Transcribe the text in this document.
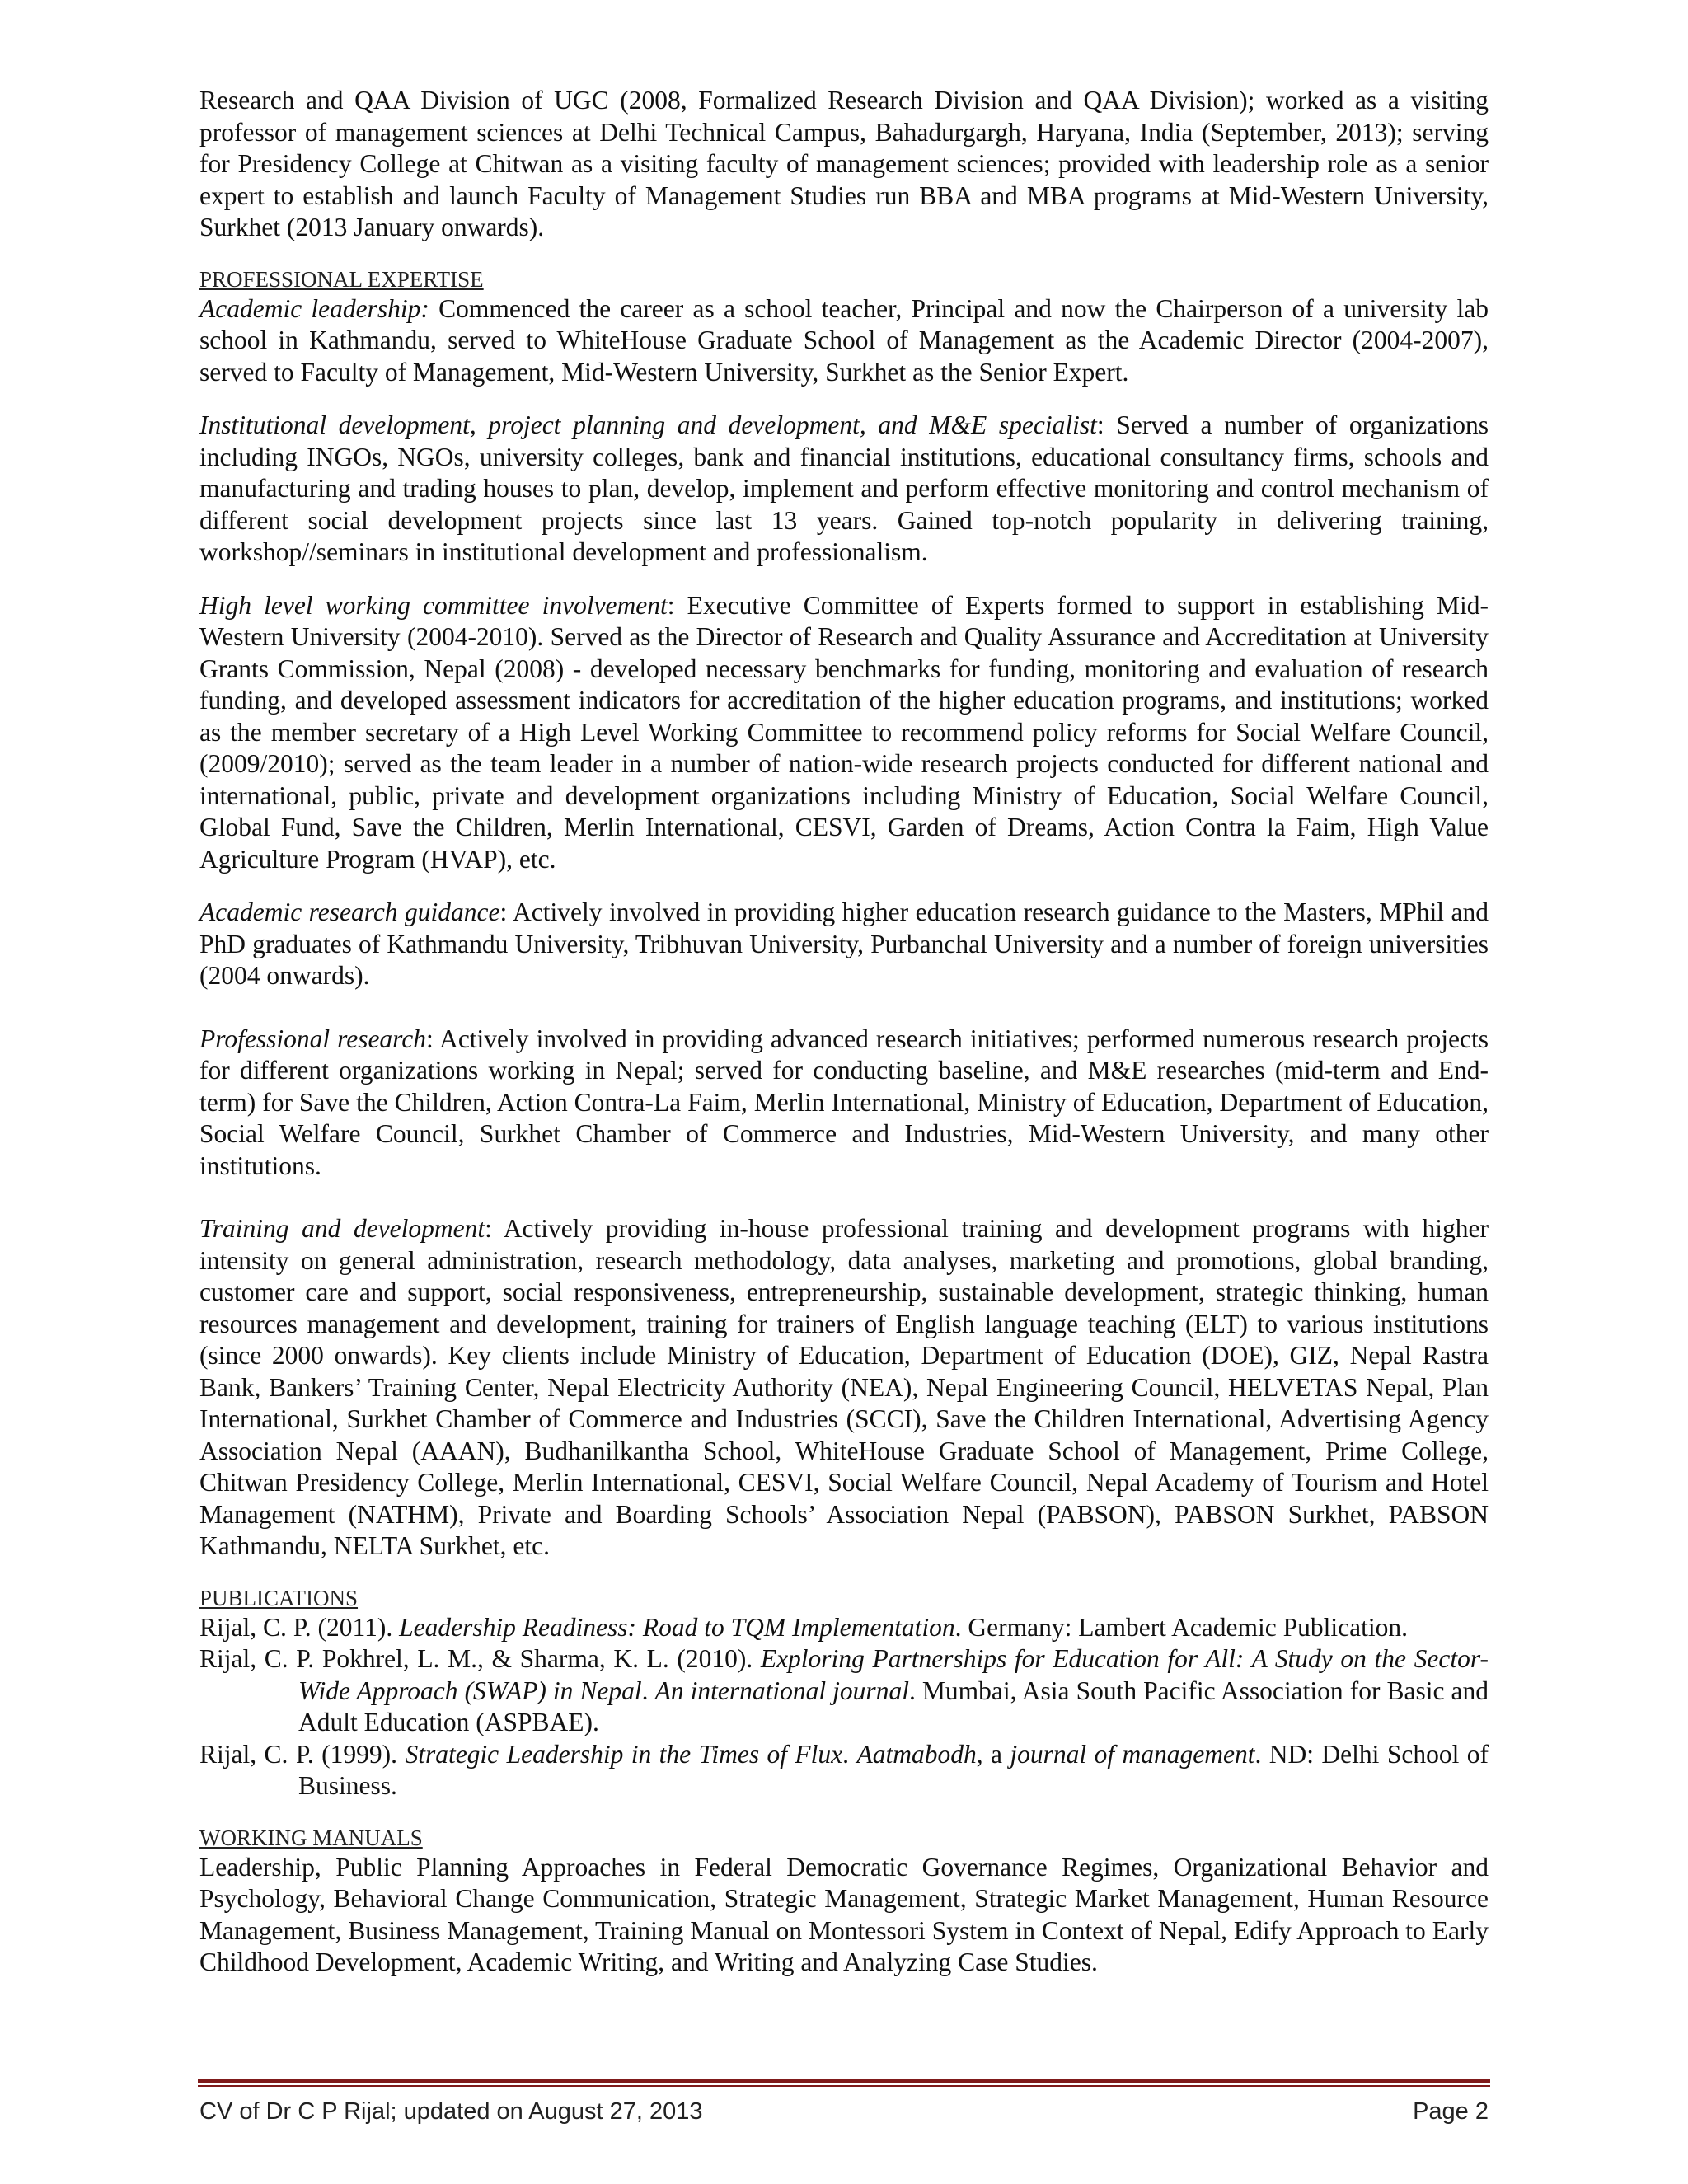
Research and QAA Division of UGC (2008, Formalized Research Division and QAA Division); worked as a visiting professor of management sciences at Delhi Technical Campus, Bahadurgargh, Haryana, India (September, 2013); serving for Presidency College at Chitwan as a visiting faculty of management sciences; provided with leadership role as a senior expert to establish and launch Faculty of Management Studies run BBA and MBA programs at Mid-Western University, Surkhet (2013 January onwards).

PROFESSIONAL EXPERTISE

Academic leadership: Commenced the career as a school teacher, Principal and now the Chairperson of a university lab school in Kathmandu, served to WhiteHouse Graduate School of Management as the Academic Director (2004-2007), served to Faculty of Management, Mid-Western University, Surkhet as the Senior Expert.

Institutional development, project planning and development, and M&E specialist: Served a number of organizations including INGOs, NGOs, university colleges, bank and financial institutions, educational consultancy firms, schools and manufacturing and trading houses to plan, develop, implement and perform effective monitoring and control mechanism of different social development projects since last 13 years. Gained top-notch popularity in delivering training, workshop//seminars in institutional development and professionalism.

High level working committee involvement: Executive Committee of Experts formed to support in establishing Mid-Western University (2004-2010). Served as the Director of Research and Quality Assurance and Accreditation at University Grants Commission, Nepal (2008) - developed necessary benchmarks for funding, monitoring and evaluation of research funding, and developed assessment indicators for accreditation of the higher education programs, and institutions; worked as the member secretary of a High Level Working Committee to recommend policy reforms for Social Welfare Council, (2009/2010); served as the team leader in a number of nation-wide research projects conducted for different national and international, public, private and development organizations including Ministry of Education, Social Welfare Council, Global Fund, Save the Children, Merlin International, CESVI, Garden of Dreams, Action Contra la Faim, High Value Agriculture Program (HVAP), etc.

Academic research guidance: Actively involved in providing higher education research guidance to the Masters, MPhil and PhD graduates of Kathmandu University, Tribhuvan University, Purbanchal University and a number of foreign universities (2004 onwards).

Professional research: Actively involved in providing advanced research initiatives; performed numerous research projects for different organizations working in Nepal; served for conducting baseline, and M&E researches (mid-term and End-term) for Save the Children, Action Contra-La Faim, Merlin International, Ministry of Education, Department of Education, Social Welfare Council, Surkhet Chamber of Commerce and Industries, Mid-Western University, and many other institutions.

Training and development: Actively providing in-house professional training and development programs with higher intensity on general administration, research methodology, data analyses, marketing and promotions, global branding, customer care and support, social responsiveness, entrepreneurship, sustainable development, strategic thinking, human resources management and development, training for trainers of English language teaching (ELT) to various institutions (since 2000 onwards). Key clients include Ministry of Education, Department of Education (DOE), GIZ, Nepal Rastra Bank, Bankers’ Training Center, Nepal Electricity Authority (NEA), Nepal Engineering Council, HELVETAS Nepal, Plan International, Surkhet Chamber of Commerce and Industries (SCCI), Save the Children International, Advertising Agency Association Nepal (AAAN), Budhanilkantha School, WhiteHouse Graduate School of Management, Prime College, Chitwan Presidency College, Merlin International, CESVI, Social Welfare Council, Nepal Academy of Tourism and Hotel Management (NATHM), Private and Boarding Schools’ Association Nepal (PABSON), PABSON Surkhet, PABSON Kathmandu, NELTA Surkhet, etc.

PUBLICATIONS

Rijal, C. P. (2011). Leadership Readiness: Road to TQM Implementation. Germany: Lambert Academic Publication.

Rijal, C. P. Pokhrel, L. M., & Sharma, K. L. (2010). Exploring Partnerships for Education for All: A Study on the Sector-Wide Approach (SWAP) in Nepal. An international journal. Mumbai, Asia South Pacific Association for Basic and Adult Education (ASPBAE).

Rijal, C. P. (1999). Strategic Leadership in the Times of Flux. Aatmabodh, a journal of management. ND: Delhi School of Business.

WORKING MANUALS

Leadership, Public Planning Approaches in Federal Democratic Governance Regimes, Organizational Behavior and Psychology, Behavioral Change Communication, Strategic Management, Strategic Market Management, Human Resource Management, Business Management, Training Manual on Montessori System in Context of Nepal, Edify Approach to Early Childhood Development, Academic Writing, and Writing and Analyzing Case Studies.

CV of Dr C P Rijal; updated on August 27, 2013	Page 2
